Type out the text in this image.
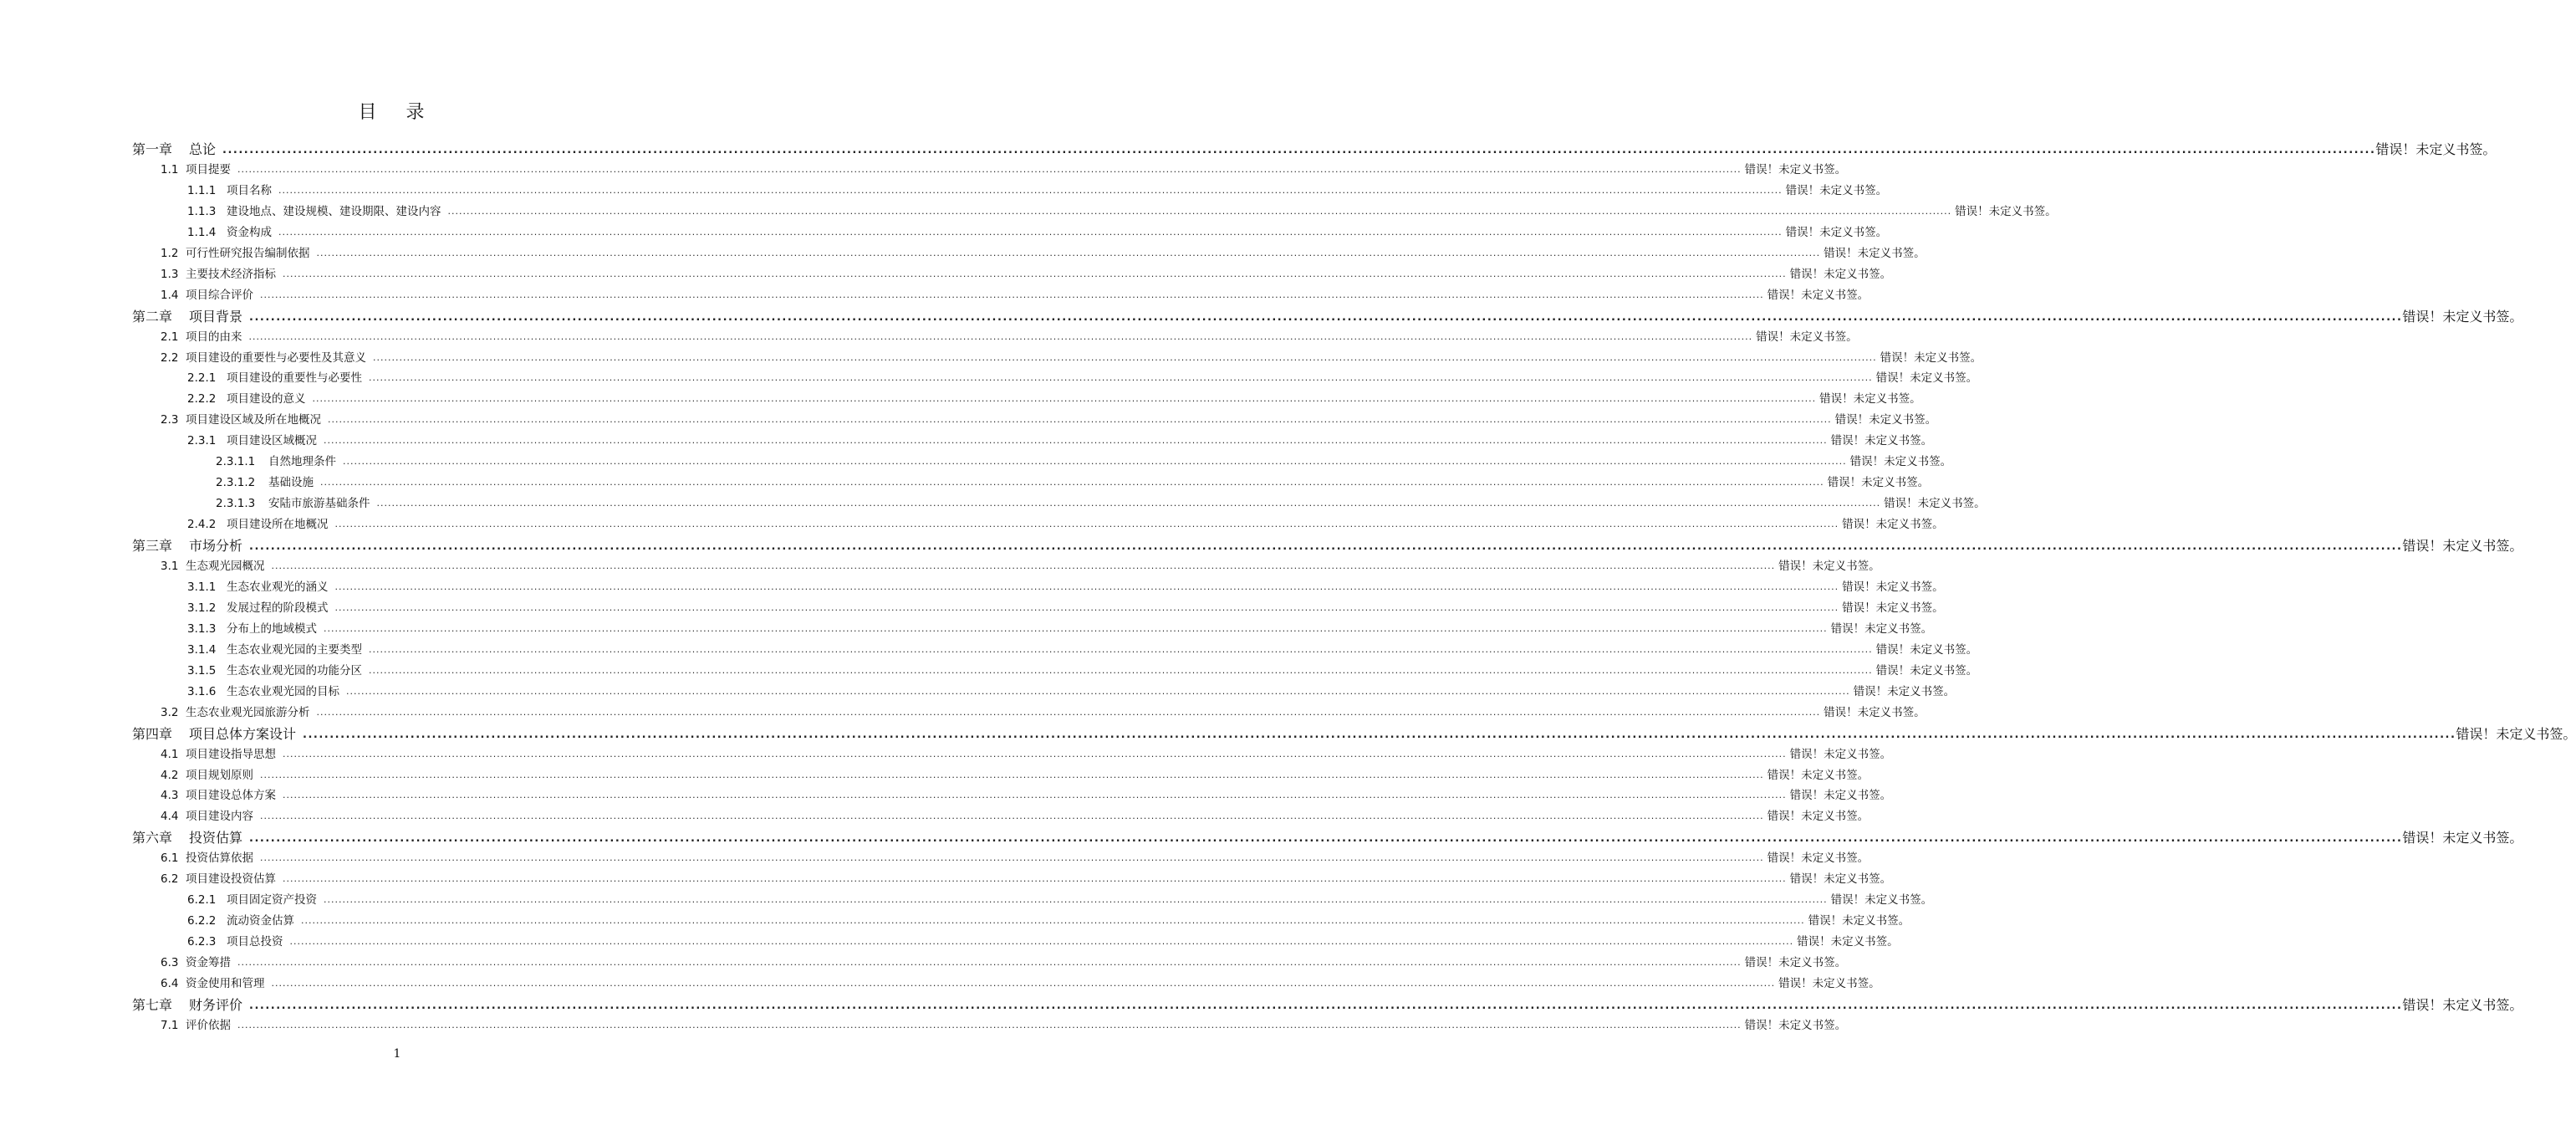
目 录
第一章	总论 ................................................................................................................................................................................................................................................................................................................................................................................................................ 错误！未定义书签。
1.1 项目提要 ................................................................................................................................................................................................................................................................................................................................................................................................................ 错误！未定义书签。
1.1.1 项目名称 ................................................................................................................................................................................................................................................................................................................................................................................................................ 错误！未定义书签。
1.1.3 建设地点、建设规模、建设期限、建设内容 ................................................................................................................................................................................................................................................................................................................................................................................................................ 错误！未定义书签。
1.1.4 资金构成 ................................................................................................................................................................................................................................................................................................................................................................................................................ 错误！未定义书签。
1.2 可行性研究报告编制依据 ................................................................................................................................................................................................................................................................................................................................................................................................................ 错误！未定义书签。
1.3 主要技术经济指标 ................................................................................................................................................................................................................................................................................................................................................................................................................ 错误！未定义书签。
1.4 项目综合评价 ................................................................................................................................................................................................................................................................................................................................................................................................................ 错误！未定义书签。
第二章	项目背景 ................................................................................................................................................................................................................................................................................................................................................................................................................ 错误！未定义书签。
2.1 项目的由来 ................................................................................................................................................................................................................................................................................................................................................................................................................ 错误！未定义书签。
2.2 项目建设的重要性与必要性及其意义 ................................................................................................................................................................................................................................................................................................................................................................................................................ 错误！未定义书签。
2.2.1 项目建设的重要性与必要性 ................................................................................................................................................................................................................................................................................................................................................................................................................ 错误！未定义书签。
2.2.2 项目建设的意义 ................................................................................................................................................................................................................................................................................................................................................................................................................ 错误！未定义书签。
2.3 项目建设区域及所在地概况 ................................................................................................................................................................................................................................................................................................................................................................................................................ 错误！未定义书签。
2.3.1 项目建设区域概况 ................................................................................................................................................................................................................................................................................................................................................................................................................ 错误！未定义书签。
2.3.1.1	自然地理条件 ................................................................................................................................................................................................................................................................................................................................................................................................................ 错误！未定义书签。
2.3.1.2	基础设施 ................................................................................................................................................................................................................................................................................................................................................................................................................ 错误！未定义书签。
2.3.1.3	安陆市旅游基础条件 ................................................................................................................................................................................................................................................................................................................................................................................................................ 错误！未定义书签。
2.4.2 项目建设所在地概况 ................................................................................................................................................................................................................................................................................................................................................................................................................ 错误！未定义书签。
第三章	市场分析 ................................................................................................................................................................................................................................................................................................................................................................................................................ 错误！未定义书签。
3.1 生态观光园概况 ................................................................................................................................................................................................................................................................................................................................................................................................................ 错误！未定义书签。
3.1.1 生态农业观光的涵义 ................................................................................................................................................................................................................................................................................................................................................................................................................ 错误！未定义书签。
3.1.2 发展过程的阶段模式 ................................................................................................................................................................................................................................................................................................................................................................................................................ 错误！未定义书签。
3.1.3 分布上的地域模式 ................................................................................................................................................................................................................................................................................................................................................................................................................ 错误！未定义书签。
3.1.4 生态农业观光园的主要类型 ................................................................................................................................................................................................................................................................................................................................................................................................................ 错误！未定义书签。
3.1.5 生态农业观光园的功能分区 ................................................................................................................................................................................................................................................................................................................................................................................................................ 错误！未定义书签。
3.1.6 生态农业观光园的目标 ................................................................................................................................................................................................................................................................................................................................................................................................................ 错误！未定义书签。
3.2 生态农业观光园旅游分析 ................................................................................................................................................................................................................................................................................................................................................................................................................ 错误！未定义书签。
第四章	项目总体方案设计 ................................................................................................................................................................................................................................................................................................................................................................................................................ 错误！未定义书签。
4.1 项目建设指导思想 ................................................................................................................................................................................................................................................................................................................................................................................................................ 错误！未定义书签。
4.2 项目规划原则 ................................................................................................................................................................................................................................................................................................................................................................................................................ 错误！未定义书签。
4.3 项目建设总体方案 ................................................................................................................................................................................................................................................................................................................................................................................................................ 错误！未定义书签。
4.4 项目建设内容 ................................................................................................................................................................................................................................................................................................................................................................................................................ 错误！未定义书签。
第六章	投资估算 ................................................................................................................................................................................................................................................................................................................................................................................................................ 错误！未定义书签。
6.1 投资估算依据 ................................................................................................................................................................................................................................................................................................................................................................................................................ 错误！未定义书签。
6.2 项目建设投资估算 ................................................................................................................................................................................................................................................................................................................................................................................................................ 错误！未定义书签。
6.2.1 项目固定资产投资 ................................................................................................................................................................................................................................................................................................................................................................................................................ 错误！未定义书签。
6.2.2 流动资金估算 ................................................................................................................................................................................................................................................................................................................................................................................................................ 错误！未定义书签。
6.2.3 项目总投资 ................................................................................................................................................................................................................................................................................................................................................................................................................ 错误！未定义书签。
6.3 资金筹措 ................................................................................................................................................................................................................................................................................................................................................................................................................ 错误！未定义书签。
6.4 资金使用和管理 ................................................................................................................................................................................................................................................................................................................................................................................................................ 错误！未定义书签。
第七章	财务评价 ................................................................................................................................................................................................................................................................................................................................................................................................................ 错误！未定义书签。
7.1 评价依据 ................................................................................................................................................................................................................................................................................................................................................................................................................ 错误！未定义书签。
1
